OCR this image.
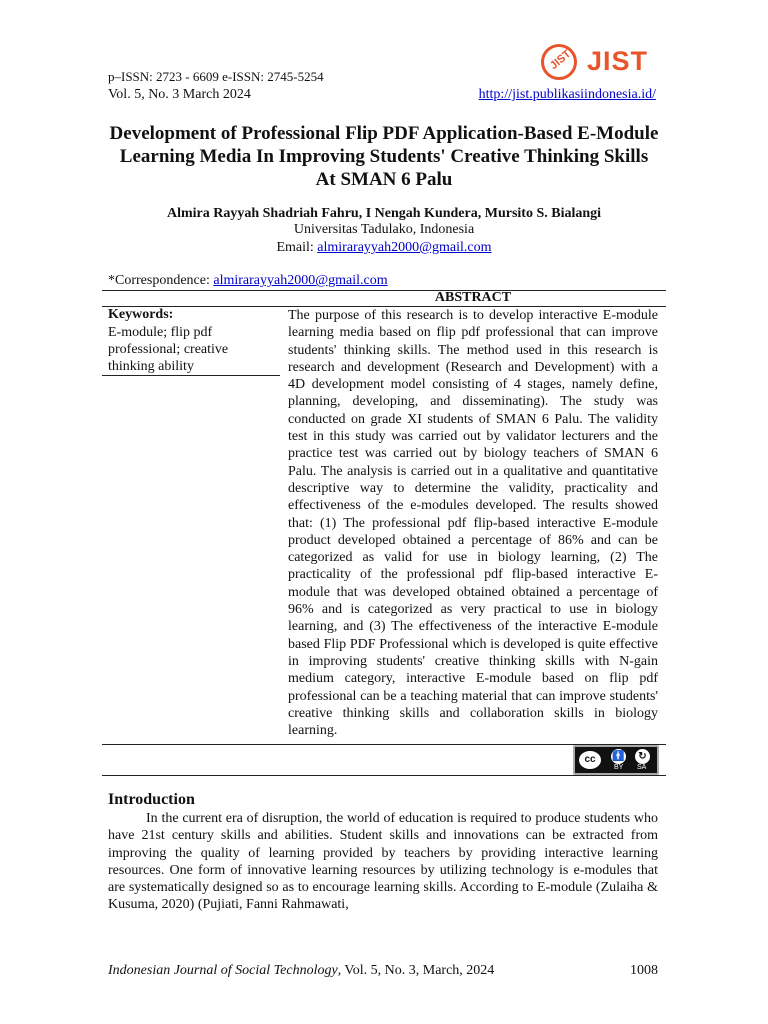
p–ISSN: 2723 - 6609 e-ISSN: 2745-5254
Vol. 5, No. 3 March 2024	http://jist.publikasiindonesia.id/
JIST JIST
Development of Professional Flip PDF Application-Based E-Module Learning Media In Improving Students' Creative Thinking Skills At SMAN 6 Palu
Almira Rayyah Shadriah Fahru, I Nengah Kundera, Mursito S. Bialangi
Universitas Tadulako, Indonesia
Email: almirarayyah2000@gmail.com
*Correspondence: almirarayyah2000@gmail.com
ABSTRACT
Keywords:
E-module; flip pdf professional; creative thinking ability
The purpose of this research is to develop interactive E-module learning media based on flip pdf professional that can improve students' thinking skills. The method used in this research is research and development (Research and Development) with a 4D development model consisting of 4 stages, namely define, planning, developing, and disseminating). The study was conducted on grade XI students of SMAN 6 Palu. The validity test in this study was carried out by validator lecturers and the practice test was carried out by biology teachers of SMAN 6 Palu. The analysis is carried out in a qualitative and quantitative descriptive way to determine the validity, practicality and effectiveness of the e-modules developed. The results showed that: (1) The professional pdf flip-based interactive E-module product developed obtained a percentage of 86% and can be categorized as valid for use in biology learning, (2) The practicality of the professional pdf flip-based interactive E-module that was developed obtained obtained a percentage of 96% and is categorized as very practical to use in biology learning, and (3) The effectiveness of the interactive E-module based Flip PDF Professional which is developed is quite effective in improving students' creative thinking skills with N-gain medium category, interactive E-module based on flip pdf professional can be a teaching material that can improve students' creative thinking skills and collaboration skills in biology learning.
cc	🚹	↻
BY SA
Introduction
In the current era of disruption, the world of education is required to produce students who have 21st century skills and abilities. Student skills and innovations can be extracted from improving the quality of learning provided by teachers by providing interactive learning resources. One form of innovative learning resources by utilizing technology is e-modules that are systematically designed so as to encourage learning skills. According to E-module (Zulaiha & Kusuma, 2020) (Pujiati, Fanni Rahmawati,
Indonesian Journal of Social Technology, Vol. 5, No. 3, March, 2024	1008
